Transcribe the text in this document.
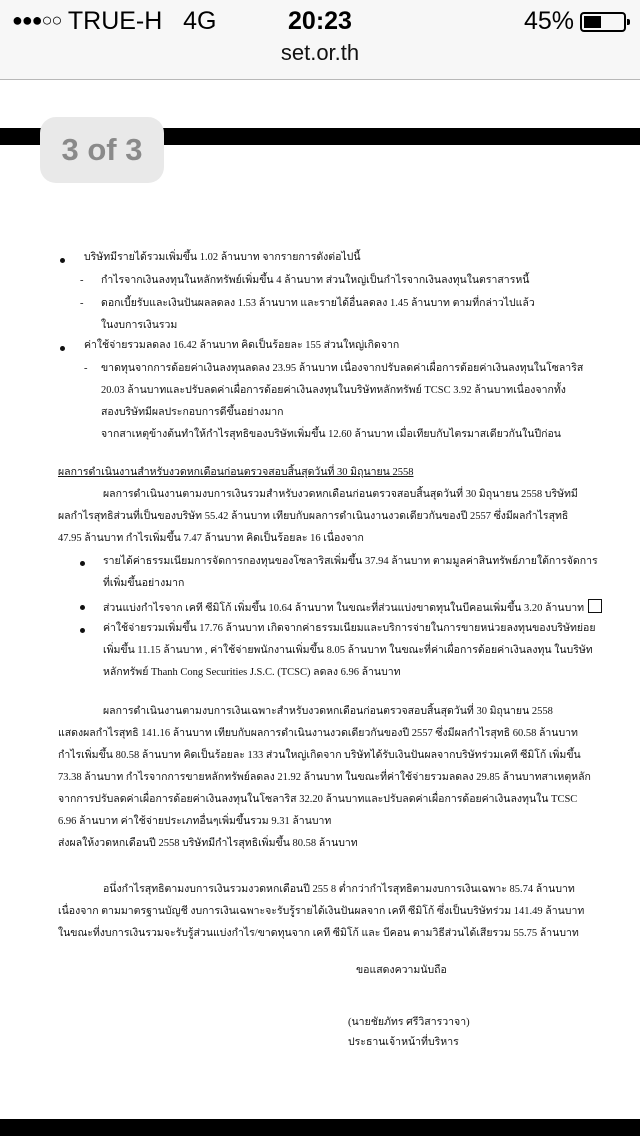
●●●○○ TRUE-H 4G	20:23	45%
set.or.th
3 of 3
บริษัทมีรายได้รวมเพิ่มขึ้น 1.02 ล้านบาท จากรายการดังต่อไปนี้
- กำไรจากเงินลงทุนในหลักทรัพย์เพิ่มขึ้น 4 ล้านบาท ส่วนใหญ่เป็นกำไรจากเงินลงทุนในตราสารหนี้
- ดอกเบี้ยรับและเงินปันผลลดลง 1.53 ล้านบาท และรายได้อื่นลดลง 1.45 ล้านบาท ตามที่กล่าวไปแล้ว
ในงบการเงินรวม
ค่าใช้จ่ายรวมลดลง 16.42 ล้านบาท คิดเป็นร้อยละ 155 ส่วนใหญ่เกิดจาก
- ขาดทุนจากการด้อยค่าเงินลงทุนลดลง 23.95 ล้านบาท เนื่องจากปรับลดค่าเผื่อการด้อยค่าเงินลงทุนในโซลาริส
20.03 ล้านบาทและปรับลดค่าเผื่อการด้อยค่าเงินลงทุนในบริษัทหลักทรัพย์ TCSC 3.92 ล้านบาทเนื่องจากทั้ง
สองบริษัทมีผลประกอบการดีขึ้นอย่างมาก
จากสาเหตุข้างต้นทำให้กำไรสุทธิของบริษัทเพิ่มขึ้น 12.60 ล้านบาท เมื่อเทียบกับไตรมาสเดียวกันในปีก่อน
ผลการดำเนินงานสำหรับงวดหกเดือนก่อนตรวจสอบสิ้นสุดวันที่ 30 มิถุนายน 2558
ผลการดำเนินงานตามงบการเงินรวมสำหรับงวดหกเดือนก่อนตรวจสอบสิ้นสุดวันที่ 30 มิถุนายน 2558 บริษัทมี
ผลกำไรสุทธิส่วนที่เป็นของบริษัท 55.42 ล้านบาท เทียบกับผลการดำเนินงานงวดเดียวกันของปี 2557 ซึ่งมีผลกำไรสุทธิ
47.95 ล้านบาท กำไรเพิ่มขึ้น 7.47 ล้านบาท คิดเป็นร้อยละ 16 เนื่องจาก
รายได้ค่าธรรมเนียมการจัดการกองทุนของโซลาริสเพิ่มขึ้น 37.94 ล้านบาท ตามมูลค่าสินทรัพย์ภายใต้การจัดการ
ที่เพิ่มขึ้นอย่างมาก
ส่วนแบ่งกำไรจาก เคที ซีมิโก้ เพิ่มขึ้น 10.64 ล้านบาท ในขณะที่ส่วนแบ่งขาดทุนในบีคอนเพิ่มขึ้น 3.20 ล้านบาท
ค่าใช้จ่ายรวมเพิ่มขึ้น 17.76 ล้านบาท เกิดจากค่าธรรมเนียมและบริการจ่ายในการขายหน่วยลงทุนของบริษัทย่อย
เพิ่มขึ้น 11.15 ล้านบาท , ค่าใช้จ่ายพนักงานเพิ่มขึ้น 8.05 ล้านบาท ในขณะที่ค่าเผื่อการด้อยค่าเงินลงทุน ในบริษัท
หลักทรัพย์ Thanh Cong Securities J.S.C. (TCSC) ลดลง 6.96 ล้านบาท
ผลการดำเนินงานตามงบการเงินเฉพาะสำหรับงวดหกเดือนก่อนตรวจสอบสิ้นสุดวันที่ 30 มิถุนายน 2558
แสดงผลกำไรสุทธิ 141.16 ล้านบาท เทียบกับผลการดำเนินงานงวดเดียวกันของปี 2557 ซึ่งมีผลกำไรสุทธิ 60.58 ล้านบาท
กำไรเพิ่มขึ้น 80.58 ล้านบาท คิดเป็นร้อยละ 133 ส่วนใหญ่เกิดจาก บริษัทได้รับเงินปันผลจากบริษัทร่วมเคที ซีมิโก้ เพิ่มขึ้น
73.38 ล้านบาท กำไรจากการขายหลักทรัพย์ลดลง 21.92 ล้านบาท ในขณะที่ค่าใช้จ่ายรวมลดลง 29.85 ล้านบาทสาเหตุหลัก
จากการปรับลดค่าเผื่อการด้อยค่าเงินลงทุนในโซลาริส 32.20 ล้านบาทและปรับลดค่าเผื่อการด้อยค่าเงินลงทุนใน TCSC
6.96 ล้านบาท ค่าใช้จ่ายประเภทอื่นๆเพิ่มขึ้นรวม 9.31 ล้านบาท
ส่งผลให้งวดหกเดือนปี 2558 บริษัทมีกำไรสุทธิเพิ่มขึ้น 80.58 ล้านบาท
อนึ่งกำไรสุทธิตามงบการเงินรวมงวดหกเดือนปี 255 8 ต่ำกว่ากำไรสุทธิตามงบการเงินเฉพาะ 85.74 ล้านบาท
เนื่องจาก ตามมาตรฐานบัญชี งบการเงินเฉพาะจะรับรู้รายได้เงินปันผลจาก เคที ซีมิโก้ ซึ่งเป็นบริษัทร่วม 141.49 ล้านบาท
ในขณะที่งบการเงินรวมจะรับรู้ส่วนแบ่งกำไร/ขาดทุนจาก เคที ซีมิโก้ และ บีคอน ตามวิธีส่วนได้เสียรวม 55.75 ล้านบาท
ขอแสดงความนับถือ
(นายชัยภัทร ศรีวิสารวาจา)
ประธานเจ้าหน้าที่บริหาร
